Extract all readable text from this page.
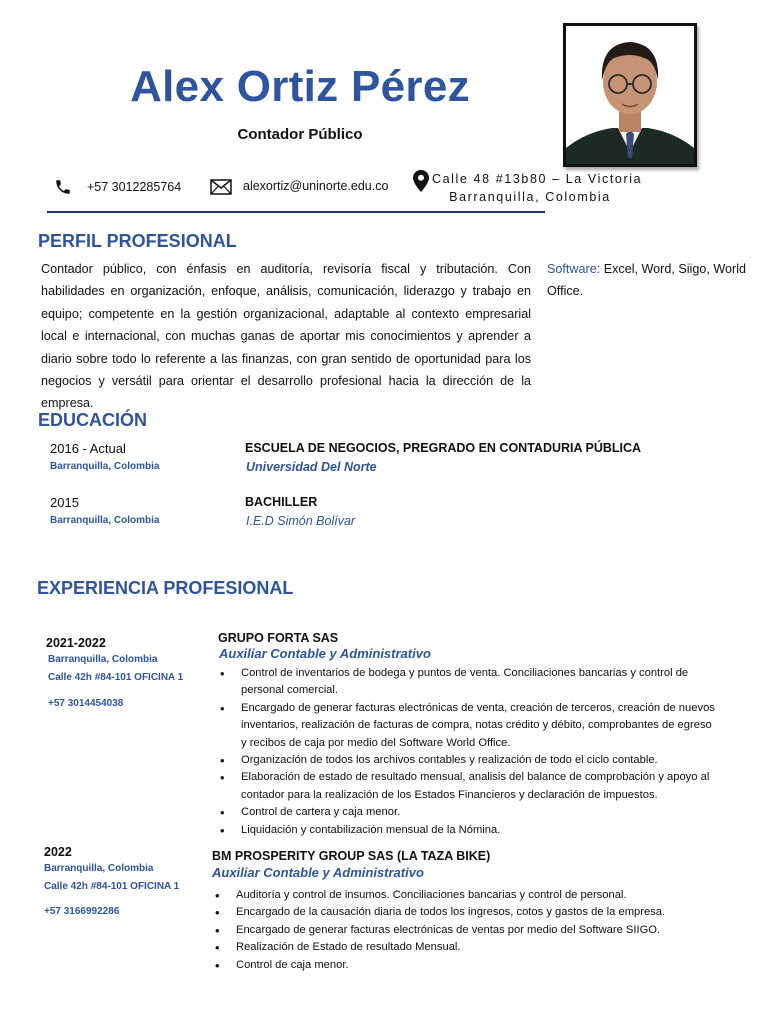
Alex Ortiz Pérez
Contador Público
+57 3012285764	alexortiz@uninorte.edu.co	Calle 48 #13b80 – La Victoria
Barranquilla, Colombia
PERFIL PROFESIONAL
Contador público, con énfasis en auditoría, revisoría fiscal y tributación. Con habilidades en organización, enfoque, análisis, comunicación, liderazgo y trabajo en equipo; competente en la gestión organizacional, adaptable al contexto empresarial local e internacional, con muchas ganas de aportar mis conocimientos y aprender a diario sobre todo lo referente a las finanzas, con gran sentido de oportunidad para los negocios y versátil para orientar el desarrollo profesional hacia la dirección de la empresa.
Software: Excel, Word, Siigo, World Office.
EDUCACIÓN
2016 - Actual
Barranquilla, Colombia
ESCUELA DE NEGOCIOS, PREGRADO EN CONTADURIA PÚBLICA
Universidad Del Norte
2015
Barranquilla, Colombia
BACHILLER
I.E.D Simón Bolívar
EXPERIENCIA PROFESIONAL
2021-2022
Barranquilla, Colombia
Calle 42h #84-101 OFICINA 1
+57 3014454038
GRUPO FORTA SAS
Auxiliar Contable y Administrativo
• Control de inventarios de bodega y puntos de venta. Conciliaciones bancarias y control de personal comercial.
• Encargado de generar facturas electrónicas de venta, creación de terceros, creación de nuevos inventarios, realización de facturas de compra, notas crédito y débito, comprobantes de egreso y recibos de caja por medio del Software World Office.
• Organización de todos los archivos contables y realización de todo el ciclo contable.
• Elaboración de estado de resultado mensual, analisis del balance de comprobación y apoyo al contador para la realización de los Estados Financieros y declaración de impuestos.
• Control de cartera y caja menor.
• Liquidación y contabilización mensual de la Nómina.
2022
Barranquilla, Colombia
Calle 42h #84-101 OFICINA 1
+57 3166992286
BM PROSPERITY GROUP SAS (LA TAZA BIKE)
Auxiliar Contable y Administrativo
• Auditoría y control de insumos. Conciliaciones bancarias y control de personal.
• Encargado de la causación diaria de todos los ingresos, cotos y gastos de la empresa.
• Encargado de generar facturas electrónicas de ventas por medio del Software SIIGO.
• Realización de Estado de resultado Mensual.
• Control de caja menor.
